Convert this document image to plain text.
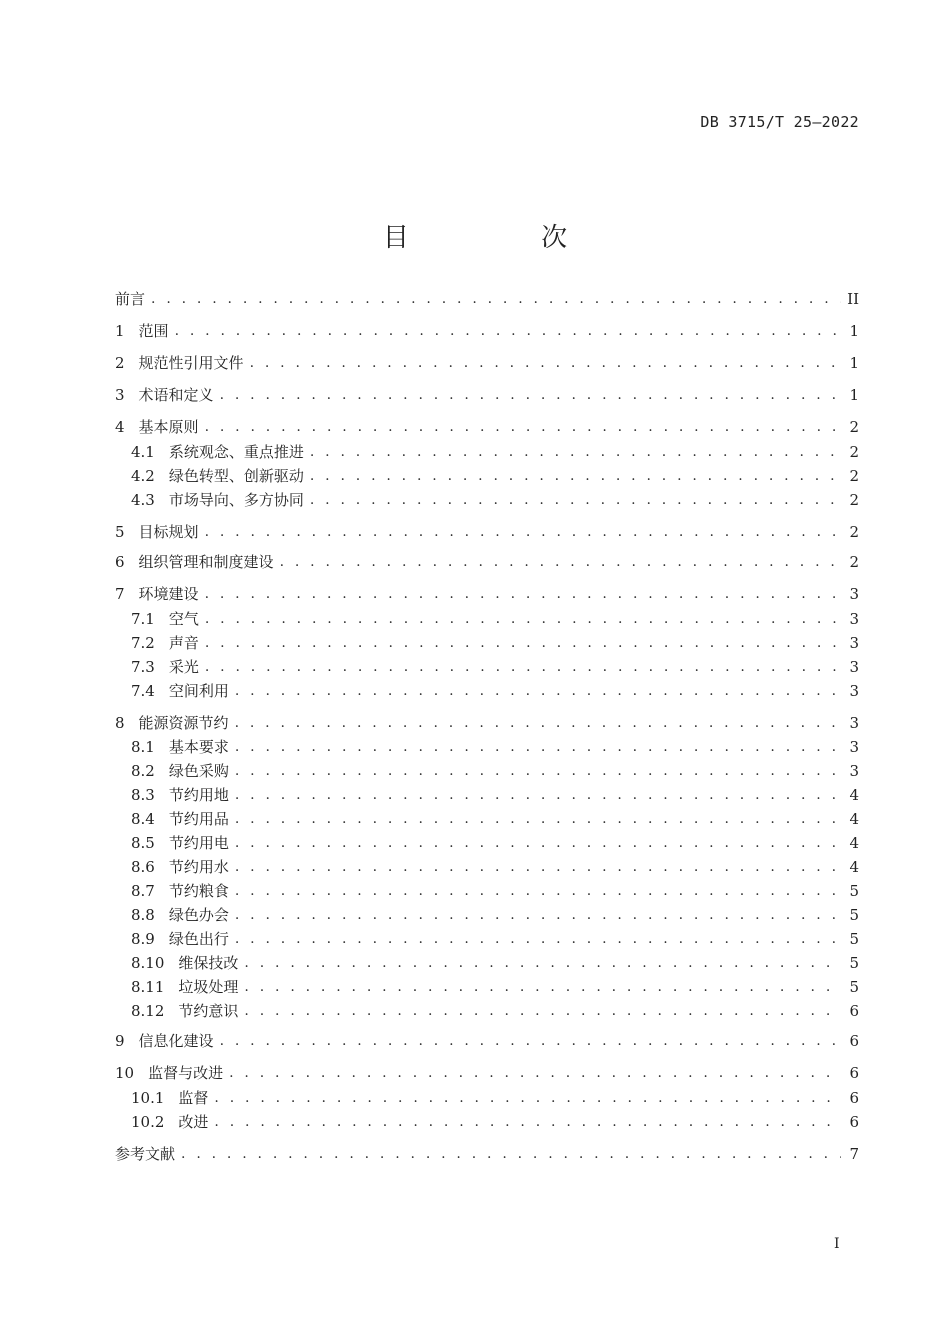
DB 3715/T 25—2022
目 次
前言 . . .	II
1 范围 . . .	1
2 规范性引用文件 . . .	1
3 术语和定义 . . .	1
4 基本原则 . . .	2
4.1 系统观念、重点推进 . . .	2
4.2 绿色转型、创新驱动 . . .	2
4.3 市场导向、多方协同 . . .	2
5 目标规划 . . .	2
6 组织管理和制度建设 . . .	2
7 环境建设 . . .	3
7.1 空气 . . .	3
7.2 声音 . . .	3
7.3 采光 . . .	3
7.4 空间利用 . . .	3
8 能源资源节约 . . .	3
8.1 基本要求 . . .	3
8.2 绿色采购 . . .	3
8.3 节约用地 . . .	4
8.4 节约用品 . . .	4
8.5 节约用电 . . .	4
8.6 节约用水 . . .	4
8.7 节约粮食 . . .	5
8.8 绿色办会 . . .	5
8.9 绿色出行 . . .	5
8.10 维保技改 . . .	5
8.11 垃圾处理 . . .	5
8.12 节约意识 . . .	6
9 信息化建设 . . .	6
10 监督与改进 . . .	6
10.1 监督 . . .	6
10.2 改进 . . .	6
参考文献 . . .	7
I
